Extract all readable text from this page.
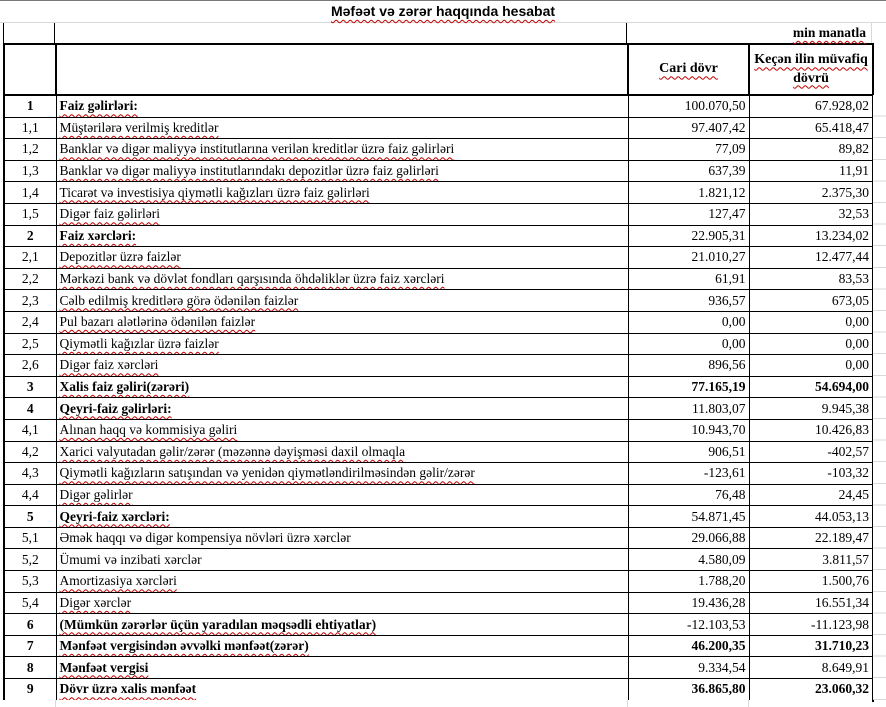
Məfəət və zərər haqqında hesabat
min manatla
		Cari dövr	Keçən ilin müvafiq dövrü
1	Faiz gəlirləri:	100.070,50	67.928,02
1,1	Müştərilərə verilmiş kreditlər	97.407,42	65.418,47
1,2	Banklar və digər maliyyə institutlarına verilən kreditlər üzrə faiz gəlirləri	77,09	89,82
1,3	Banklar və digər maliyyə institutlarındakı depozitlər üzrə faiz gəlirləri	637,39	11,91
1,4	Ticarət və investisiya qiymətli kağızları üzrə faiz gəlirləri	1.821,12	2.375,30
1,5	Digər faiz gəlirləri	127,47	32,53
2	Faiz xərcləri:	22.905,31	13.234,02
2,1	Depozitlər üzrə faizlər	21.010,27	12.477,44
2,2	Mərkəzi bank və dövlət fondları qarşısında öhdəliklər üzrə faiz xərcləri	61,91	83,53
2,3	Cəlb edilmiş kreditlərə görə ödənilən faizlər	936,57	673,05
2,4	Pul bazarı alətlərinə ödənilən faizlər	0,00	0,00
2,5	Qiymətli kağızlar üzrə faizlər	0,00	0,00
2,6	Digər faiz xərcləri	896,56	0,00
3	Xalis faiz gəliri(zərəri)	77.165,19	54.694,00
4	Qeyri-faiz gəlirləri:	11.803,07	9.945,38
4,1	Alınan haqq və kommisiya gəliri	10.943,70	10.426,83
4,2	Xarici valyutadan gəlir/zərər (məzənnə dəyişməsi daxil olmaqla	906,51	-402,57
4,3	Qiymətli kağızların satışından və yenidən qiymətləndirilməsindən gəlir/zərər	-123,61	-103,32
4,4	Digər gəlirlər	76,48	24,45
5	Qeyri-faiz xərcləri:	54.871,45	44.053,13
5,1	Əmək haqqı və digər kompensiya növləri üzrə xərclər	29.066,88	22.189,47
5,2	Ümumi və inzibati xərclər	4.580,09	3.811,57
5,3	Amortizasiya xərcləri	1.788,20	1.500,76
5,4	Digər xərclər	19.436,28	16.551,34
6	(Mümkün zərərlər üçün yaradılan məqsədli ehtiyatlar)	-12.103,53	-11.123,98
7	Mənfəət vergisindən əvvəlki mənfəət(zərər)	46.200,35	31.710,23
8	Mənfəət vergisi	9.334,54	8.649,91
9	Dövr üzrə xalis mənfəət	36.865,80	23.060,32
